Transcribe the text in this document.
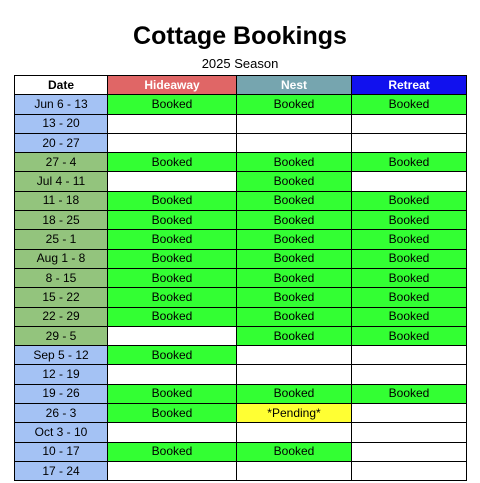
Cottage Bookings
2025 Season
Date	Hideaway	Nest	Retreat
Jun 6 - 13	Booked	Booked	Booked
13 - 20			
20 - 27			
27 - 4	Booked	Booked	Booked
Jul 4 - 11		Booked	
11 - 18	Booked	Booked	Booked
18 - 25	Booked	Booked	Booked
25 - 1	Booked	Booked	Booked
Aug 1 - 8	Booked	Booked	Booked
8 - 15	Booked	Booked	Booked
15 - 22	Booked	Booked	Booked
22 - 29	Booked	Booked	Booked
29 - 5		Booked	Booked
Sep 5 - 12	Booked		
12 - 19			
19 - 26	Booked	Booked	Booked
26 - 3	Booked	*Pending*	
Oct 3 - 10			
10 - 17	Booked	Booked	
17 - 24			
